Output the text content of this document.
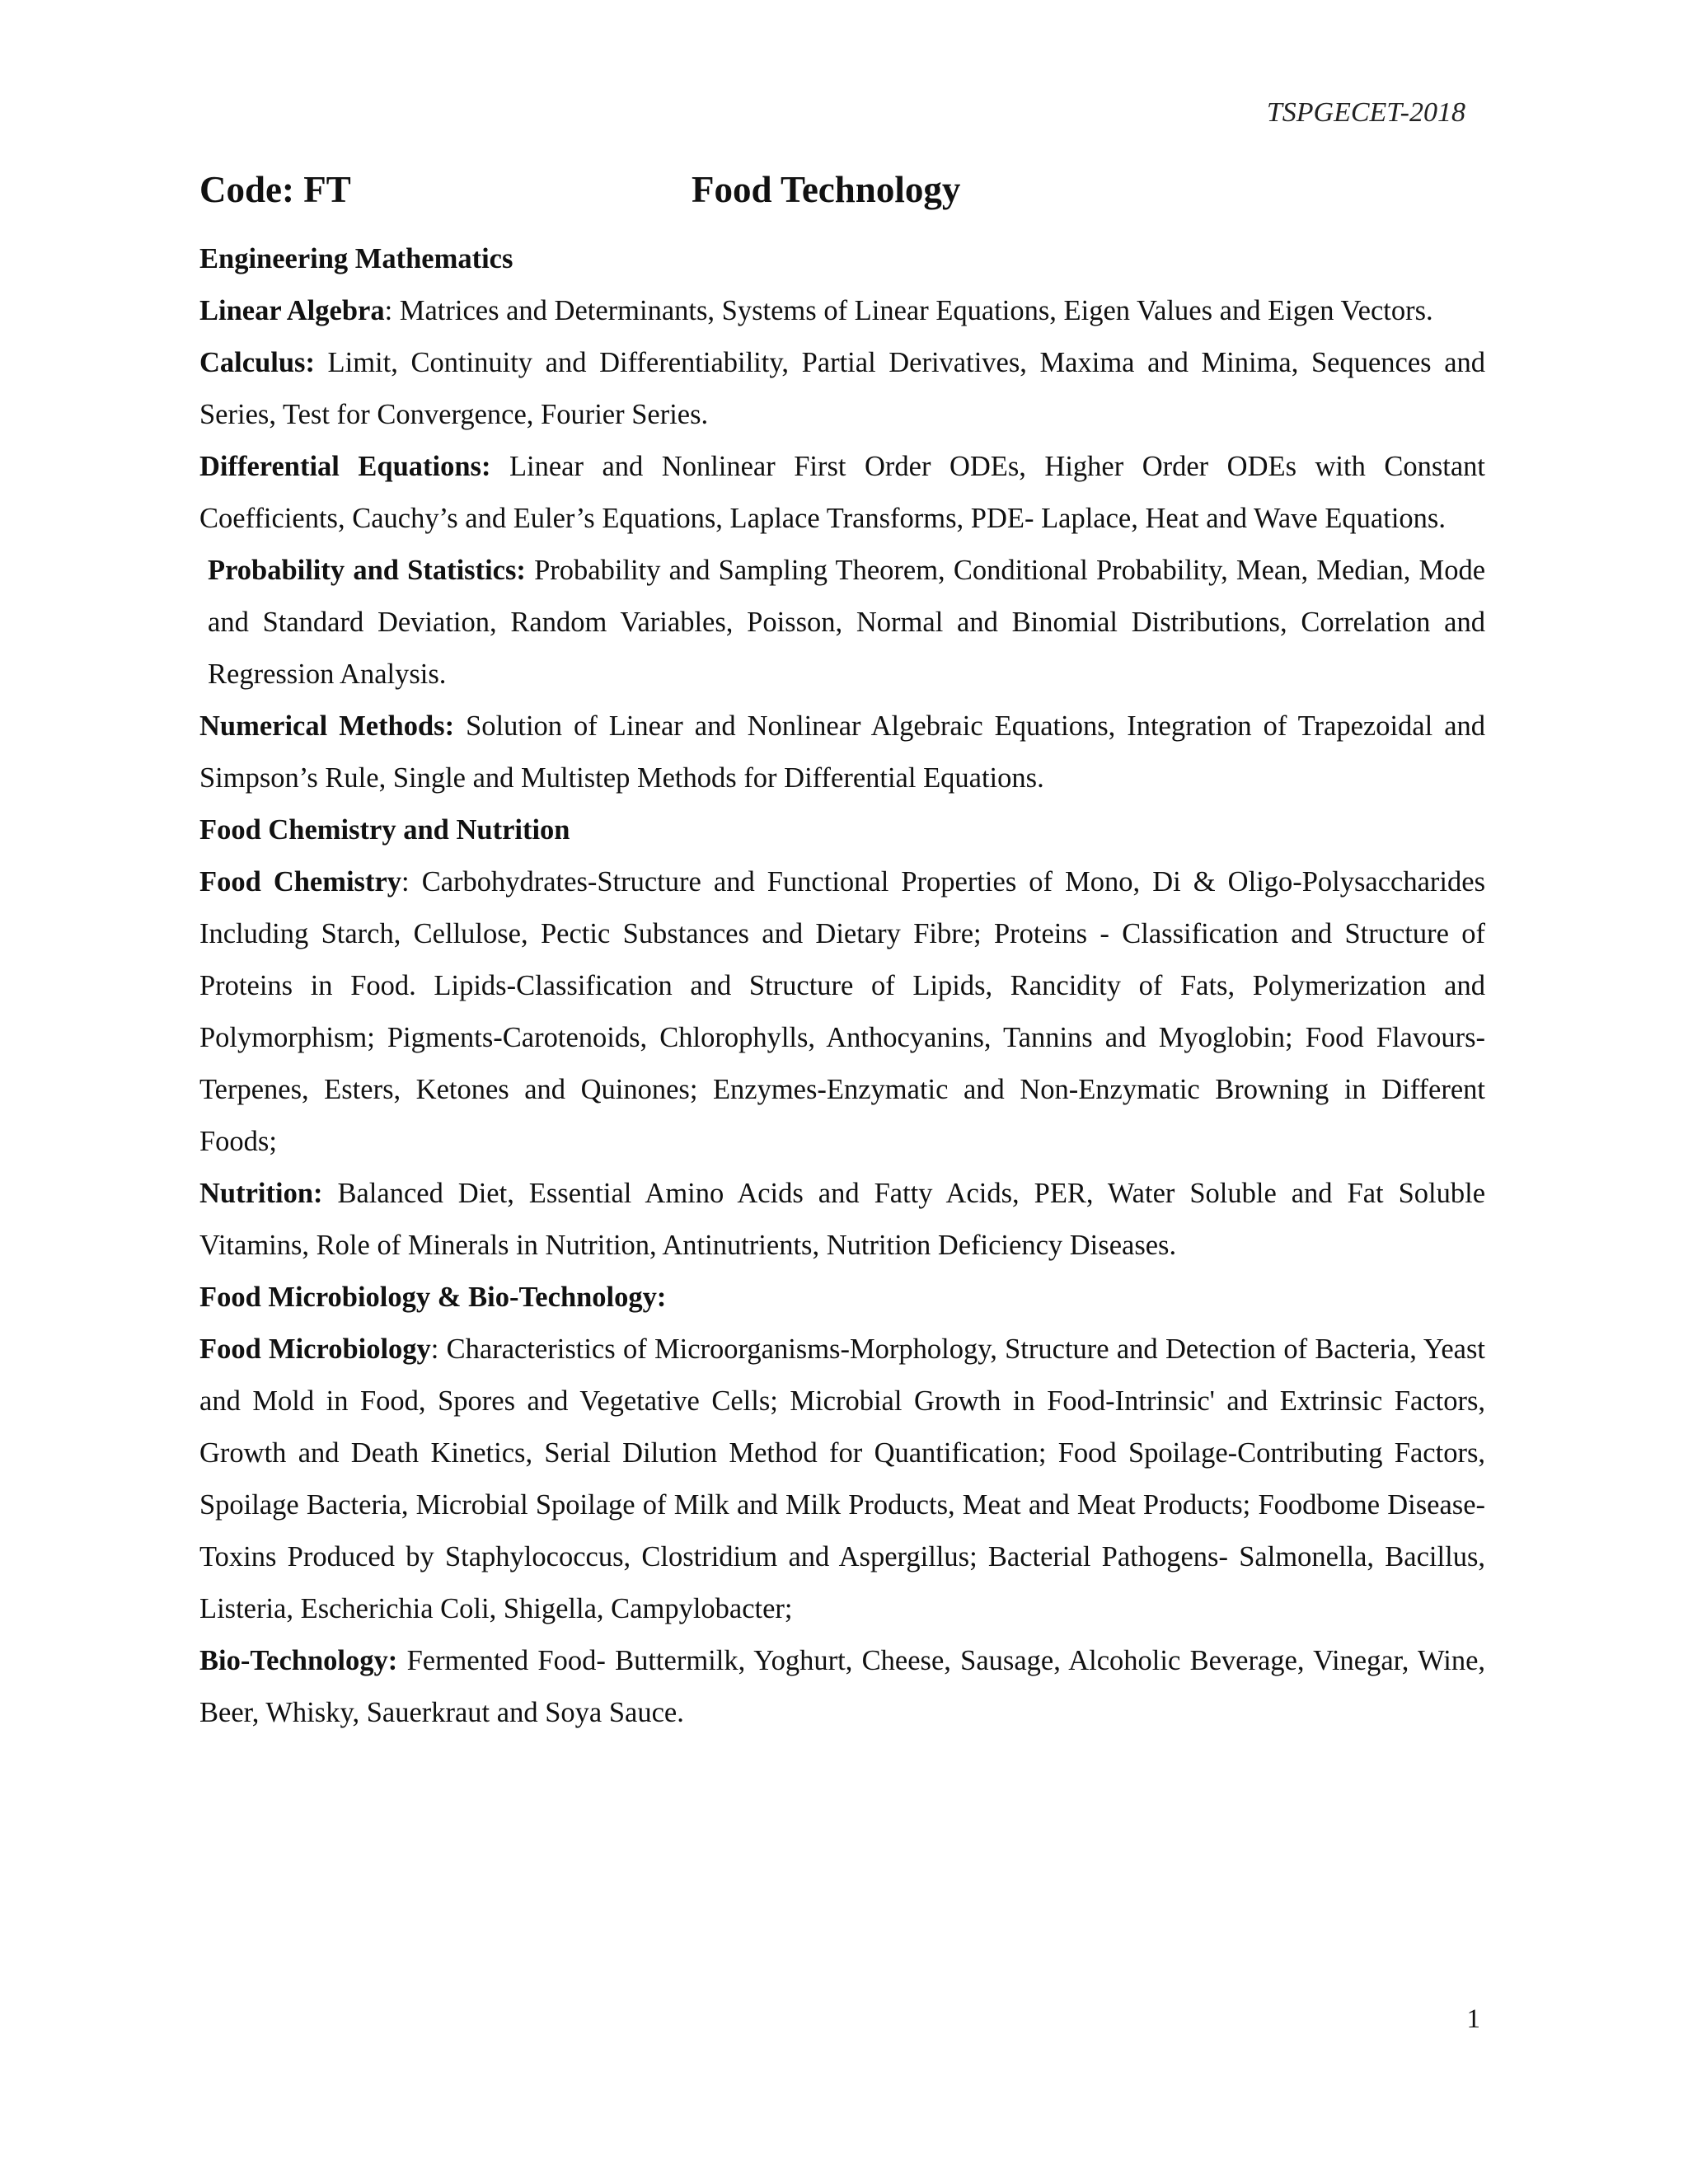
TSPGECET-2018
Code: FT	Food Technology

Engineering Mathematics

Linear Algebra: Matrices and Determinants, Systems of Linear Equations, Eigen Values and Eigen Vectors.

Calculus: Limit, Continuity and Differentiability, Partial Derivatives, Maxima and Minima, Sequences and Series, Test for Convergence, Fourier Series.

Differential Equations: Linear and Nonlinear First Order ODEs, Higher Order ODEs with Constant Coefficients, Cauchy’s and Euler’s Equations, Laplace Transforms, PDE- Laplace, Heat and Wave Equations.

Probability and Statistics: Probability and Sampling Theorem, Conditional Probability, Mean, Median, Mode and Standard Deviation, Random Variables, Poisson, Normal and Binomial Distributions, Correlation and Regression Analysis.

Numerical Methods: Solution of Linear and Nonlinear Algebraic Equations, Integration of Trapezoidal and Simpson’s Rule, Single and Multistep Methods for Differential Equations.

Food Chemistry and Nutrition

Food Chemistry: Carbohydrates-Structure and Functional Properties of Mono, Di & Oligo-Polysaccharides Including Starch, Cellulose, Pectic Substances and Dietary Fibre; Proteins - Classification and Structure of Proteins in Food. Lipids-Classification and Structure of Lipids, Rancidity of Fats, Polymerization and Polymorphism; Pigments-Carotenoids, Chlorophylls, Anthocyanins, Tannins and Myoglobin; Food Flavours-Terpenes, Esters, Ketones and Quinones; Enzymes-Enzymatic and Non-Enzymatic Browning in Different Foods;

Nutrition: Balanced Diet, Essential Amino Acids and Fatty Acids, PER, Water Soluble and Fat Soluble Vitamins, Role of Minerals in Nutrition, Antinutrients, Nutrition Deficiency Diseases.

Food Microbiology & Bio-Technology:

Food Microbiology: Characteristics of Microorganisms-Morphology, Structure and Detection of Bacteria, Yeast and Mold in Food, Spores and Vegetative Cells; Microbial Growth in Food-Intrinsic' and Extrinsic Factors, Growth and Death Kinetics, Serial Dilution Method for Quantification; Food Spoilage-Contributing Factors, Spoilage Bacteria, Microbial Spoilage of Milk and Milk Products, Meat and Meat Products; Foodbome Disease-Toxins Produced by Staphylococcus, Clostridium and Aspergillus; Bacterial Pathogens- Salmonella, Bacillus, Listeria, Escherichia Coli, Shigella, Campylobacter;

Bio-Technology: Fermented Food- Buttermilk, Yoghurt, Cheese, Sausage, Alcoholic Beverage, Vinegar, Wine, Beer, Whisky, Sauerkraut and Soya Sauce.

1
